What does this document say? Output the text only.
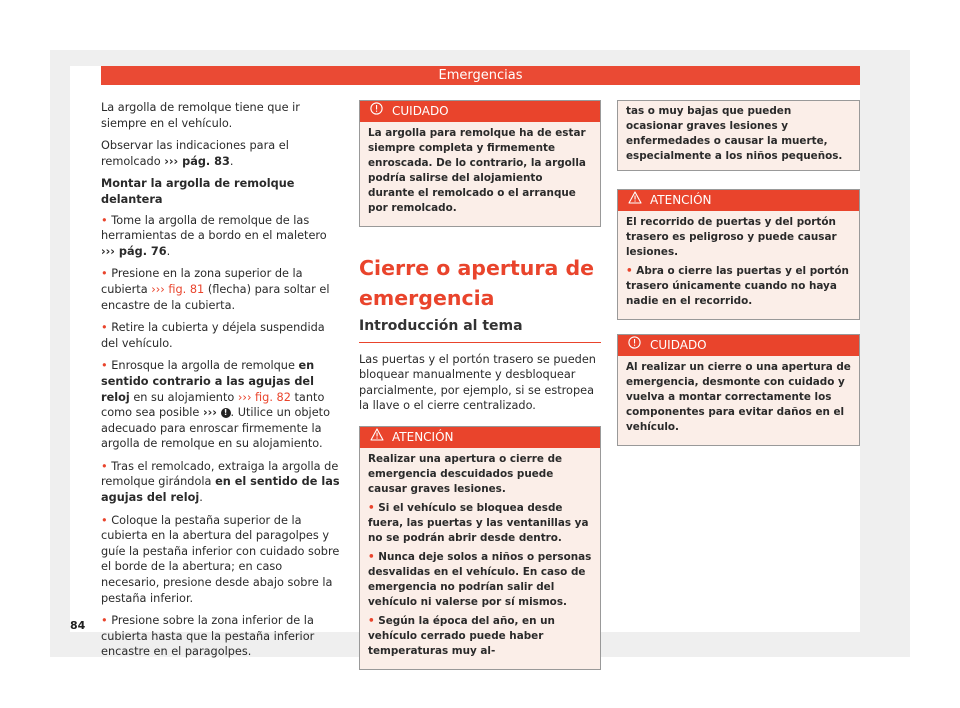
Emergencias

La argolla de remolque tiene que ir siempre en el vehículo.

Observar las indicaciones para el remolcado ››› pág. 83.

Montar la argolla de remolque delantera

• Tome la argolla de remolque de las herramientas de a bordo en el maletero ››› pág. 76.

• Presione en la zona superior de la cubierta ››› fig. 81 (flecha) para soltar el encastre de la cubierta.

• Retire la cubierta y déjela suspendida del vehículo.

• Enrosque la argolla de remolque en sentido contrario a las agujas del reloj en su alojamiento ››› fig. 82 tanto como sea posible ››› ! . Utilice un objeto adecuado para enroscar firmemente la argolla de remolque en su alojamiento.

• Tras el remolcado, extraiga la argolla de remolque girándola en el sentido de las agujas del reloj.

• Coloque la pestaña superior de la cubierta en la abertura del paragolpes y guíe la pestaña inferior con cuidado sobre el borde de la abertura; en caso necesario, presione desde abajo sobre la pestaña inferior.

• Presione sobre la zona inferior de la cubierta hasta que la pestaña inferior encastre en el paragolpes.

CUIDADO

La argolla para remolque ha de estar siempre completa y firmemente enroscada. De lo contrario, la argolla podría salirse del alojamiento durante el remolcado o el arranque por remolcado.

Cierre o apertura de emergencia
Introducción al tema

Las puertas y el portón trasero se pueden bloquear manualmente y desbloquear parcialmente, por ejemplo, si se estropea la llave o el cierre centralizado.

ATENCIÓN

Realizar una apertura o cierre de emergencia descuidados puede causar graves lesiones.

• Si el vehículo se bloquea desde fuera, las puertas y las ventanillas ya no se podrán abrir desde dentro.

• Nunca deje solos a niños o personas desvalidas en el vehículo. En caso de emergencia no podrían salir del vehículo ni valerse por sí mismos.

• Según la época del año, en un vehículo cerrado puede haber temperaturas muy al-

tas o muy bajas que pueden ocasionar graves lesiones y enfermedades o causar la muerte, especialmente a los niños pequeños.
ATENCIÓN

El recorrido de puertas y del portón trasero es peligroso y puede causar lesiones.

• Abra o cierre las puertas y el portón trasero únicamente cuando no haya nadie en el recorrido.

CUIDADO

Al realizar un cierre o una apertura de emergencia, desmonte con cuidado y vuelva a montar correctamente los componentes para evitar daños en el vehículo.

84
